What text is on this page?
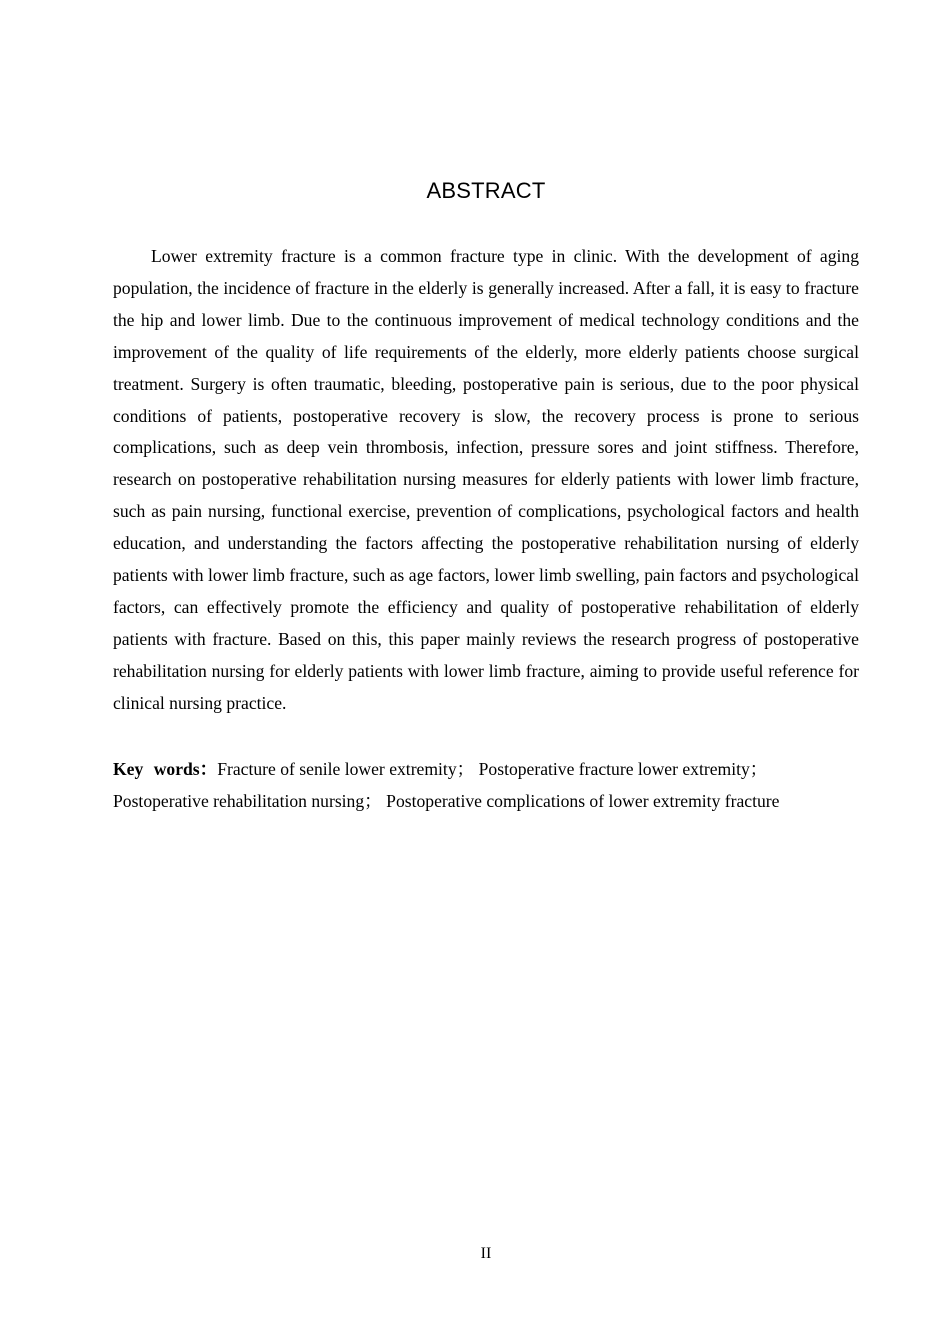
ABSTRACT

Lower extremity fracture is a common fracture type in clinic. With the development of aging population, the incidence of fracture in the elderly is generally increased. After a fall, it is easy to fracture the hip and lower limb. Due to the continuous improvement of medical technology conditions and the improvement of the quality of life requirements of the elderly, more elderly patients choose surgical treatment. Surgery is often traumatic, bleeding, postoperative pain is serious, due to the poor physical conditions of patients, postoperative recovery is slow, the recovery process is prone to serious complications, such as deep vein thrombosis, infection, pressure sores and joint stiffness. Therefore, research on postoperative rehabilitation nursing measures for elderly patients with lower limb fracture, such as pain nursing, functional exercise, prevention of complications, psychological factors and health education, and understanding the factors affecting the postoperative rehabilitation nursing of elderly patients with lower limb fracture, such as age factors, lower limb swelling, pain factors and psychological factors, can effectively promote the efficiency and quality of postoperative rehabilitation of elderly patients with fracture. Based on this, this paper mainly reviews the research progress of postoperative rehabilitation nursing for elderly patients with lower limb fracture, aiming to provide useful reference for clinical nursing practice.

Key words：Fracture of senile lower extremity； Postoperative fracture lower extremity； Postoperative rehabilitation nursing； Postoperative complications of lower extremity fracture

II
